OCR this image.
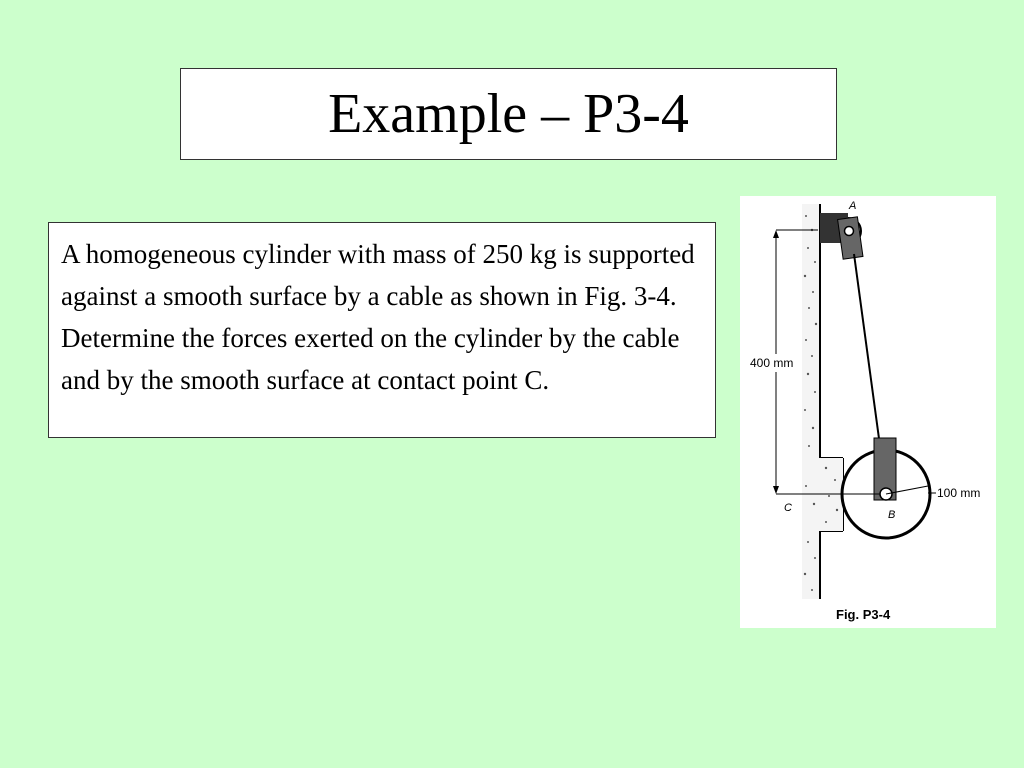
Example – P3-4

A homogeneous cylinder with mass of 250 kg is supported against a smooth surface by a cable as shown in Fig. 3-4. Determine the forces exerted on the cylinder by the cable and by the smooth surface at contact point C.

A
B
C
400 mm
100 mm
Fig. P3-4
